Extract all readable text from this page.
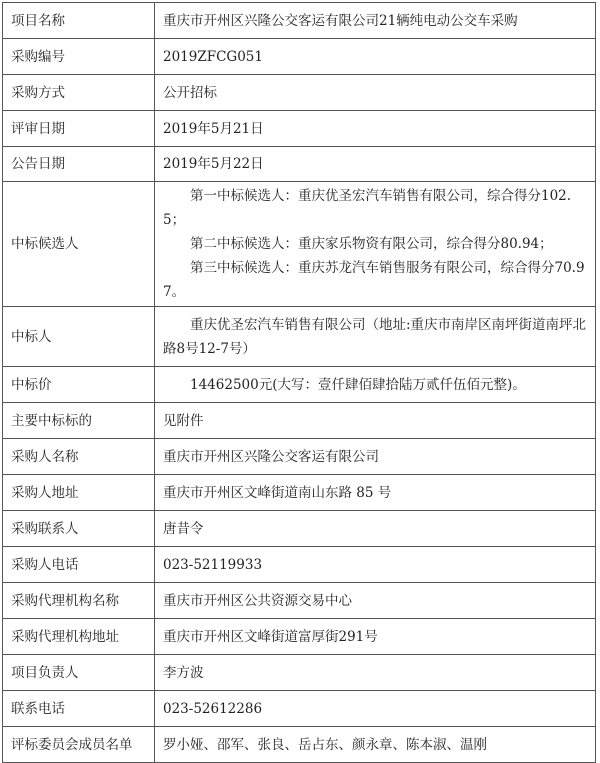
项目名称	重庆市开州区兴隆公交客运有限公司21辆纯电动公交车采购
采购编号	2019ZFCG051
采购方式	公开招标
评审日期	2019年5月21日
公告日期	2019年5月22日
中标候选人	第一中标候选人：重庆优圣宏汽车销售有限公司，综合得分102.5；

第二中标候选人：重庆家乐物资有限公司，综合得分80.94；

第三中标候选人：重庆苏龙汽车销售服务有限公司，综合得分70.97。

中标人	重庆优圣宏汽车销售有限公司（地址:重庆市南岸区南坪街道南坪北路8号12-7号）
中标价	14462500元(大写：壹仟肆佰肆拾陆万贰仟伍佰元整)。
主要中标标的	见附件
采购人名称	重庆市开州区兴隆公交客运有限公司
采购人地址	重庆市开州区文峰街道南山东路 85 号
采购联系人	唐昔令
采购人电话	023-52119933
采购代理机构名称	重庆市开州区公共资源交易中心
采购代理机构地址	重庆市开州区文峰街道富厚街291号
项目负责人	李方波
联系电话	023-52612286
评标委员会成员名单	罗小娅、邵军、张良、岳占东、颜永章、陈本淑、温刚
